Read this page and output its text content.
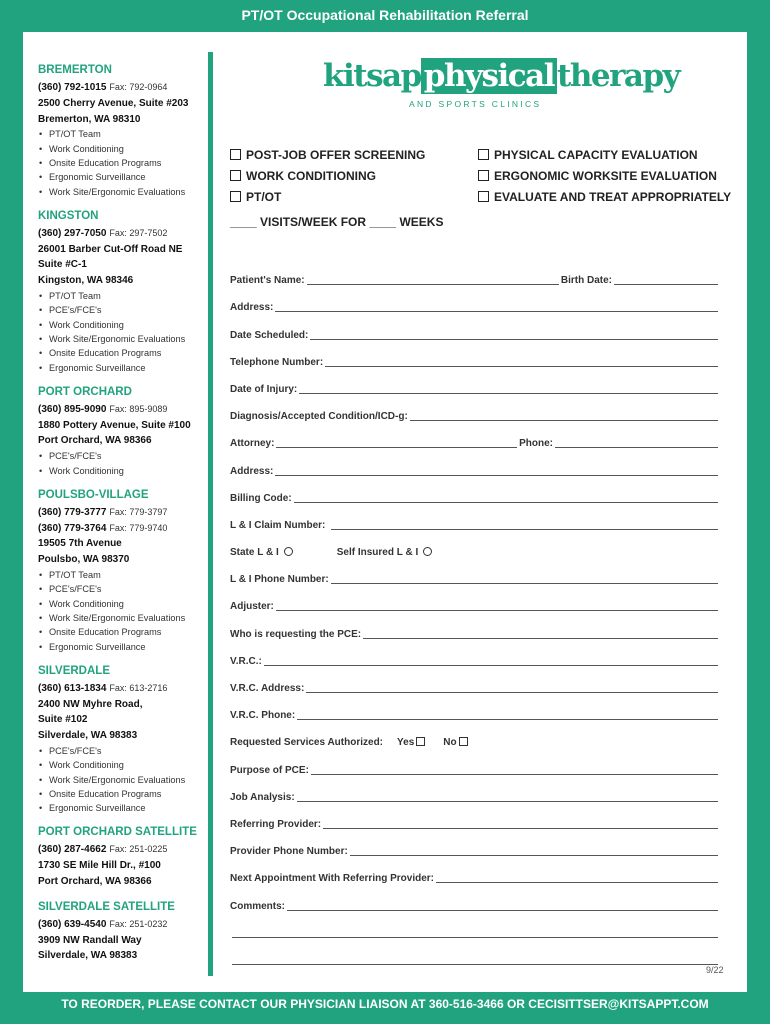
PT/OT Occupational Rehabilitation Referral
BREMERTON
(360) 792-1015 Fax: 792-0964
2500 Cherry Avenue, Suite #203
Bremerton, WA 98310
• PT/OT Team
• Work Conditioning
• Onsite Education Programs
• Ergonomic Surveillance
• Work Site/Ergonomic Evaluations
KINGSTON
(360) 297-7050 Fax: 297-7502
26001 Barber Cut-Off Road NE
Suite #C-1
Kingston, WA 98346
• PT/OT Team
• PCE's/FCE's
• Work Conditioning
• Work Site/Ergonomic Evaluations
• Onsite Education Programs
• Ergonomic Surveillance
PORT ORCHARD
(360) 895-9090 Fax: 895-9089
1880 Pottery Avenue, Suite #100
Port Orchard, WA 98366
• PCE's/FCE's
• Work Conditioning
POULSBO-VILLAGE
(360) 779-3777 Fax: 779-3797
(360) 779-3764 Fax: 779-9740
19505 7th Avenue
Poulsbo, WA 98370
• PT/OT Team
• PCE's/FCE's
• Work Conditioning
• Work Site/Ergonomic Evaluations
• Onsite Education Programs
• Ergonomic Surveillance
SILVERDALE
(360) 613-1834 Fax: 613-2716
2400 NW Myhre Road,
Suite #102
Silverdale, WA 98383
• PCE's/FCE's
• Work Conditioning
• Work Site/Ergonomic Evaluations
• Onsite Education Programs
• Ergonomic Surveillance
PORT ORCHARD SATELLITE
(360) 287-4662 Fax: 251-0225
1730 SE Mile Hill Dr., #100
Port Orchard, WA 98366
SILVERDALE SATELLITE
(360) 639-4540 Fax: 251-0232
3909 NW Randall Way
Silverdale, WA 98383
kitsapphysicaltherapy
AND SPORTS CLINICS
POST-JOB OFFER SCREENING
WORK CONDITIONING
PT/OT
PHYSICAL CAPACITY EVALUATION
ERGONOMIC WORKSITE EVALUATION
EVALUATE AND TREAT APPROPRIATELY
____ VISITS/WEEK FOR ____ WEEKS
Patient's Name:	Birth Date:
Address:
Date Scheduled:
Telephone Number:
Date of Injury:
Diagnosis/Accepted Condition/ICD-g:
Attorney:	Phone:
Address:
Billing Code:
L & I Claim Number:
State L & I	Self Insured L & I
L & I Phone Number:
Adjuster:
Who is requesting the PCE:
V.R.C.:
V.R.C. Address:
V.R.C. Phone:
Requested Services Authorized: Yes	No
Purpose of PCE:
Job Analysis:
Referring Provider:
Provider Phone Number:
Next Appointment With Referring Provider:
Comments:
9/22
TO REORDER, PLEASE CONTACT OUR PHYSICIAN LIAISON AT 360-516-3466 OR CECISITTSER@KITSAPPT.COM
